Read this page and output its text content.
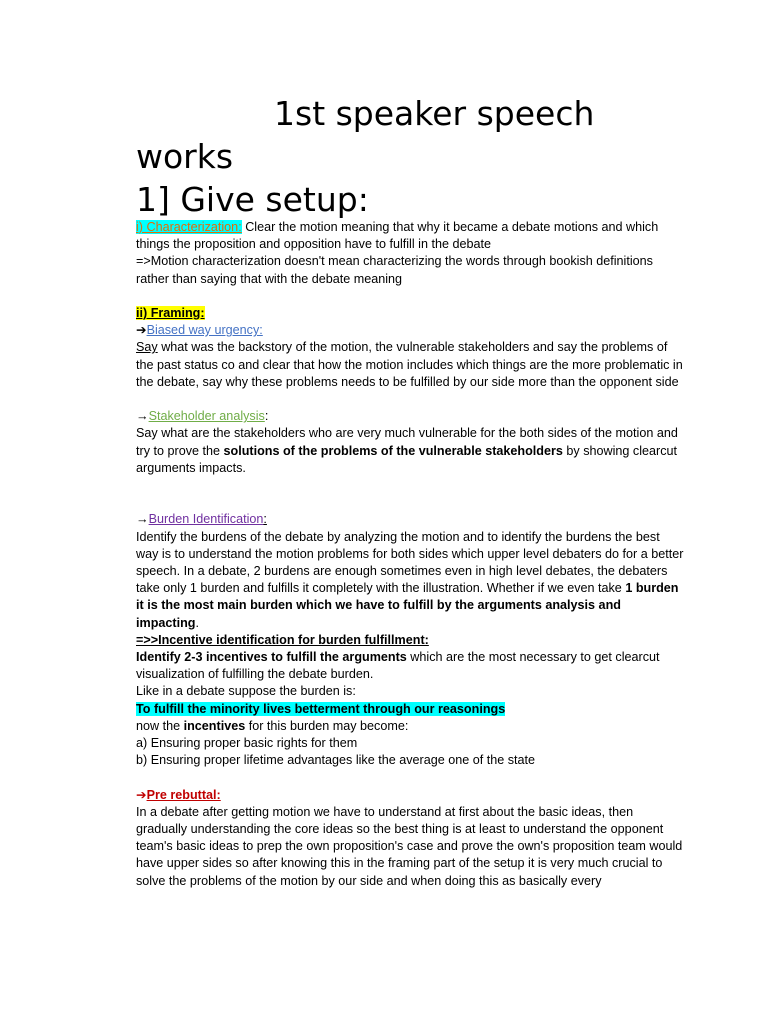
1st speaker speech
works
1] Give setup:

i) Characterization: Clear the motion meaning that why it became a debate motions and which things the proposition and opposition have to fulfill in the debate

=>Motion characterization doesn't mean characterizing the words through bookish definitions rather than saying that with the debate meaning

ii) Framing:

➔Biased way urgency:

Say what was the backstory of the motion, the vulnerable stakeholders and say the problems of the past status co and clear that how the motion includes which things are the more problematic in the debate, say why these problems needs to be fulfilled by our side more than the opponent side

→Stakeholder analysis:

Say what are the stakeholders who are very much vulnerable for the both sides of the motion and try to prove the solutions of the problems of the vulnerable stakeholders by showing clearcut arguments impacts.

→Burden Identification:

Identify the burdens of the debate by analyzing the motion and to identify the burdens the best way is to understand the motion problems for both sides which upper level debaters do for a better speech. In a debate, 2 burdens are enough sometimes even in high level debates, the debaters take only 1 burden and fulfills it completely with the illustration. Whether if we even take 1 burden it is the most main burden which we have to fulfill by the arguments analysis and impacting.

=>>Incentive identification for burden fulfillment:

Identify 2-3 incentives to fulfill the arguments which are the most necessary to get clearcut visualization of fulfilling the debate burden.

Like in a debate suppose the burden is:

To fulfill the minority lives betterment through our reasonings

now the incentives for this burden may become:

a) Ensuring proper basic rights for them

b) Ensuring proper lifetime advantages like the average one of the state

➔Pre rebuttal:

In a debate after getting motion we have to understand at first about the basic ideas, then gradually understanding the core ideas so the best thing is at least to understand the opponent team's basic ideas to prep the own proposition's case and prove the own's proposition team would have upper sides so after knowing this in the framing part of the setup it is very much crucial to solve the problems of the motion by our side and when doing this as basically every
